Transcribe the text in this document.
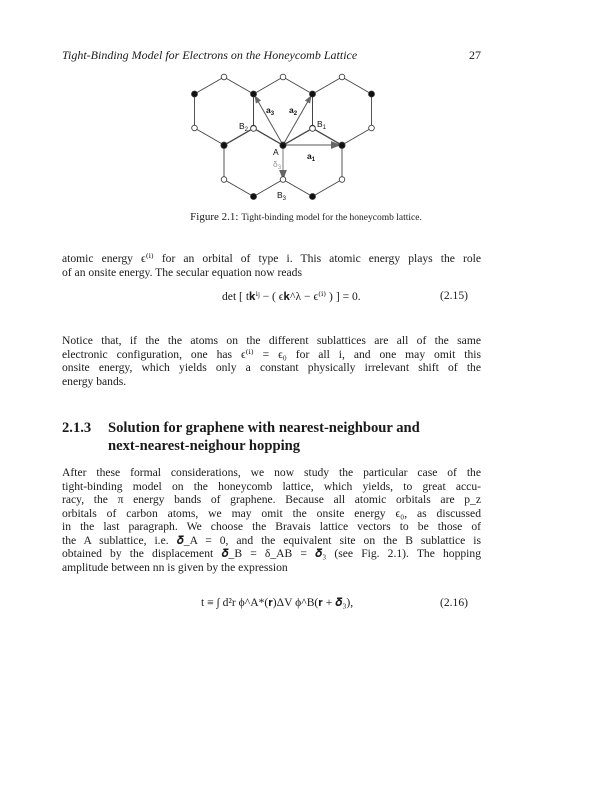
Tight-Binding Model for Electrons on the Honeycomb Lattice	27
$a_3$ $a_2$
$B_2$
$B_1$
A	$a_1$
$\delta_3$
$B_3$
Figure 2.1: Tight-binding model for the honeycomb lattice.
atomic energy ϵ⁽ⁱ⁾ for an orbital of type i. This atomic energy plays the role
of an onsite energy. The secular equation now reads
det [ t𝐤ⁱʲ − ( ϵ𝐤^λ − ϵ⁽ⁱ⁾ ) ] = 0.	(2.15)
Notice that, if the the atoms on the different sublattices are all of the same
electronic configuration, one has ϵ⁽ⁱ⁾ = ϵ₀ for all i, and one may omit this
onsite energy, which yields only a constant physically irrelevant shift of the
energy bands.
2.1.3 Solution for graphene with nearest-neighbour and
next-nearest-neighour hopping
After these formal considerations, we now study the particular case of the
tight-binding model on the honeycomb lattice, which yields, to great accu-
racy, the π energy bands of graphene. Because all atomic orbitals are p_z
orbitals of carbon atoms, we may omit the onsite energy ϵ₀, as discussed
in the last paragraph. We choose the Bravais lattice vectors to be those of
the A sublattice, i.e. 𝜹_A = 0, and the equivalent site on the B sublattice is
obtained by the displacement 𝜹_B = δ_AB = 𝜹₃ (see Fig. 2.1). The hopping
amplitude between nn is given by the expression
t ≡ ∫ d²r ϕ^A*(𝐫)ΔV ϕ^B(𝐫 + 𝜹₃),	(2.16)
